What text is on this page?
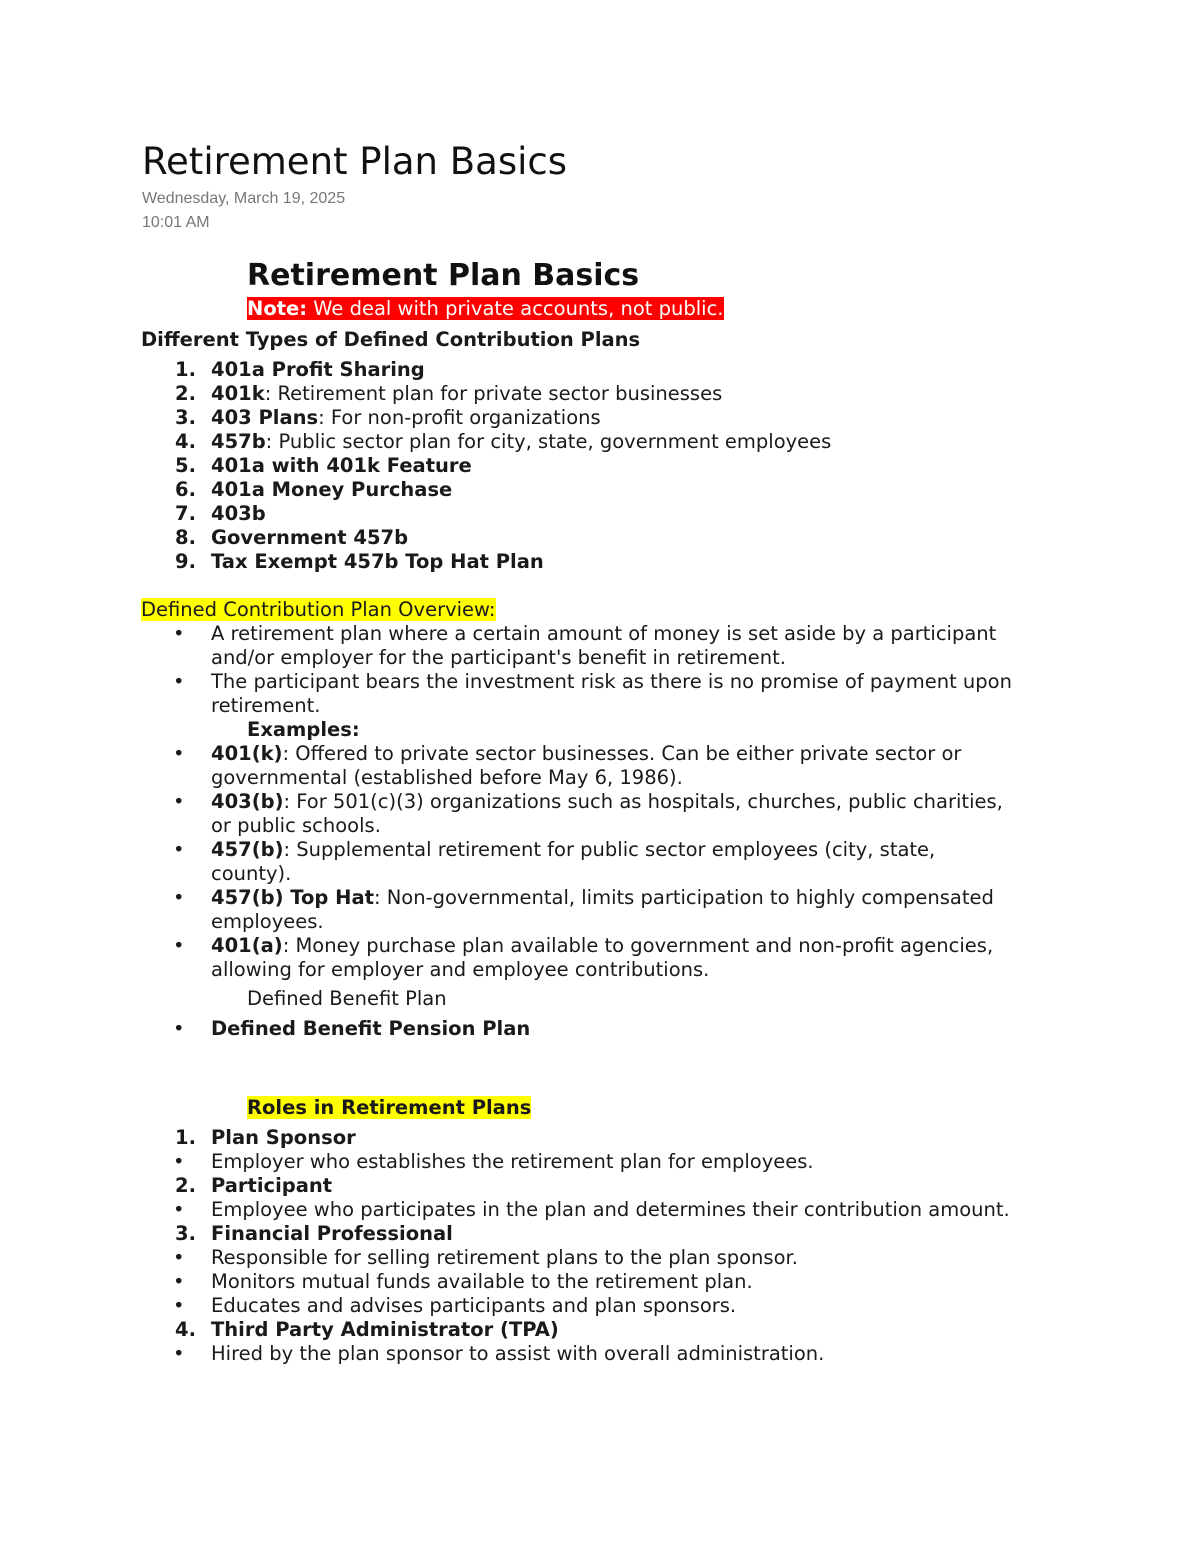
Retirement Plan Basics
Wednesday, March 19, 2025
10:01 AM
Retirement Plan Basics
Note: We deal with private accounts, not public.
Different Types of Defined Contribution Plans
1. 401a Profit Sharing
2. 401k: Retirement plan for private sector businesses
3. 403 Plans: For non-profit organizations
4. 457b: Public sector plan for city, state, government employees
5. 401a with 401k Feature
6. 401a Money Purchase
7. 403b
8. Government 457b
9. Tax Exempt 457b Top Hat Plan
Defined Contribution Plan Overview:
• A retirement plan where a certain amount of money is set aside by a participant
and/or employer for the participant's benefit in retirement.
• The participant bears the investment risk as there is no promise of payment upon
retirement.
Examples:
• 401(k): Offered to private sector businesses. Can be either private sector or
governmental (established before May 6, 1986).
• 403(b): For 501(c)(3) organizations such as hospitals, churches, public charities,
or public schools.
• 457(b): Supplemental retirement for public sector employees (city, state,
county).
• 457(b) Top Hat: Non-governmental, limits participation to highly compensated
employees.
• 401(a): Money purchase plan available to government and non-profit agencies,
allowing for employer and employee contributions.
Defined Benefit Plan
• Defined Benefit Pension Plan
Roles in Retirement Plans
1. Plan Sponsor
• Employer who establishes the retirement plan for employees.
2. Participant
• Employee who participates in the plan and determines their contribution amount.
3. Financial Professional
• Responsible for selling retirement plans to the plan sponsor.
• Monitors mutual funds available to the retirement plan.
• Educates and advises participants and plan sponsors.
4. Third Party Administrator (TPA)
• Hired by the plan sponsor to assist with overall administration.
